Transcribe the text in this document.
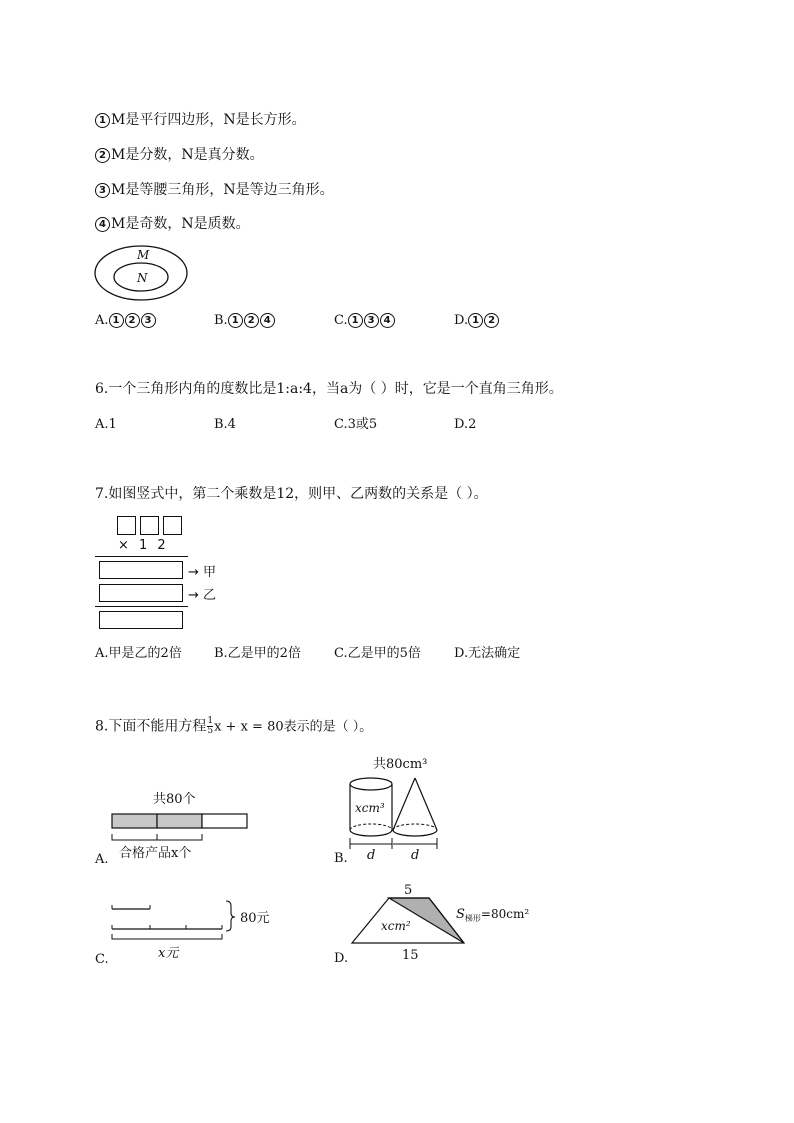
1 M是平行四边形，N是长方形。
2 M是分数，N是真分数。
3 M是等腰三角形，N是等边三角形。
4 M是奇数，N是质数。
M
N
A. 1 2 3	B. 1 2 4	C. 1 3 4	D. 1 2
6.一个三角形内角的度数比是1:a:4，当a为（ ）时，它是一个直角三角形。
A.1	B.4	C.3或5	D.2
7.如图竖式中，第二个乘数是12，则甲、乙两数的关系是（ ）。
× 1 2
→ 甲
→ 乙
A.甲是乙的2倍 B.乙是甲的2倍	C.乙是甲的5倍	D.无法确定
8.下面不能用方程 $\frac{1}{5}$ x + x = 80表示的是（ ）。
共80个
合格产品x个
A.
共80cm³
xcm³
d	d
B.
80元
x元
C.
5
xcm²
15
$S_{梯形}=80cm^2$
D.
